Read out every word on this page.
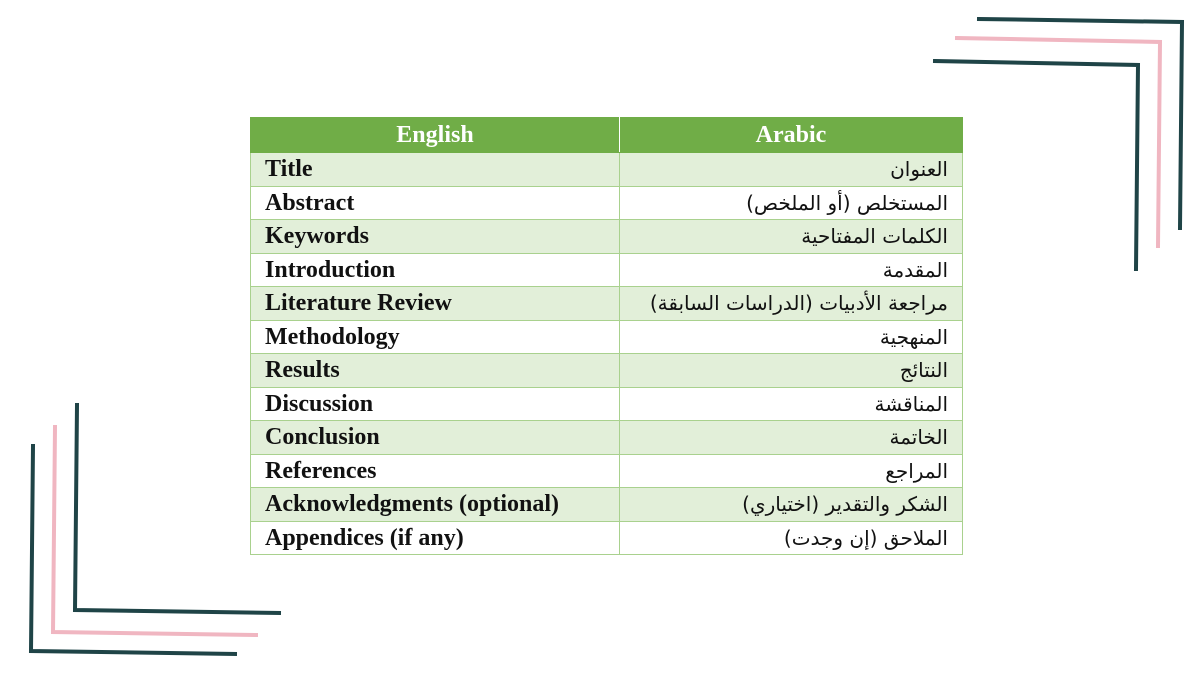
English	Arabic
Title	العنوان
Abstract	المستخلص (أو الملخص)
Keywords	الكلمات المفتاحية
Introduction	المقدمة
Literature Review	مراجعة الأدبيات (الدراسات السابقة)
Methodology	المنهجية
Results	النتائج
Discussion	المناقشة
Conclusion	الخاتمة
References	المراجع
Acknowledgments (optional)	الشكر والتقدير (اختياري)
Appendices (if any)	الملاحق (إن وجدت)
